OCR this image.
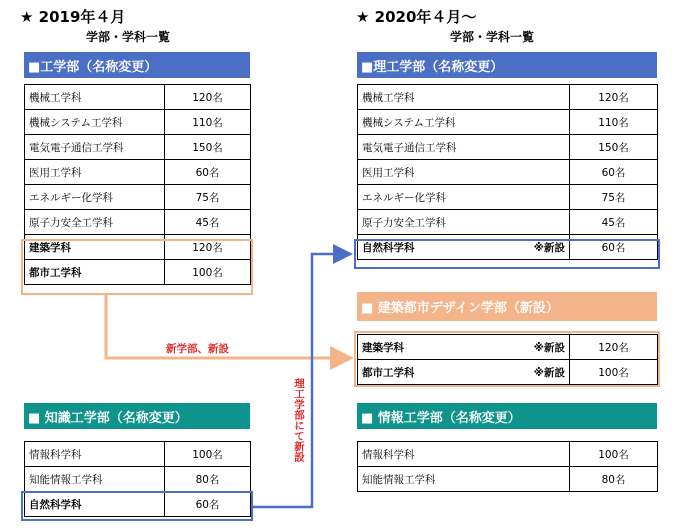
★ 2019年４月
学部・学科一覧
★ 2020年４月～
学部・学科一覧
■工学部（名称変更）
機械工学科	120名
機械システム工学科	110名
電気電子通信工学科	150名
医用工学科	60名
エネルギー化学科	75名
原子力安全工学科	45名
建築学科	120名
都市工学科	100名
■ 知識工学部（名称変更）
情報科学科	100名
知能情報工学科	80名
自然科学科	60名
■理工学部（名称変更）
機械工学科		120名
機械システム工学科		110名
電気電子通信工学科		150名
医用工学科		60名
エネルギー化学科		75名
原子力安全工学科		45名
自然科学科	※新設	60名
■ 建築都市デザイン学部（新設）
建築学科	※新設	120名
都市工学科	※新設	100名
■ 情報工学部（名称変更）
情報科学科	100名
知能情報工学科	80名
新学部、新設
理工学部にて新設
